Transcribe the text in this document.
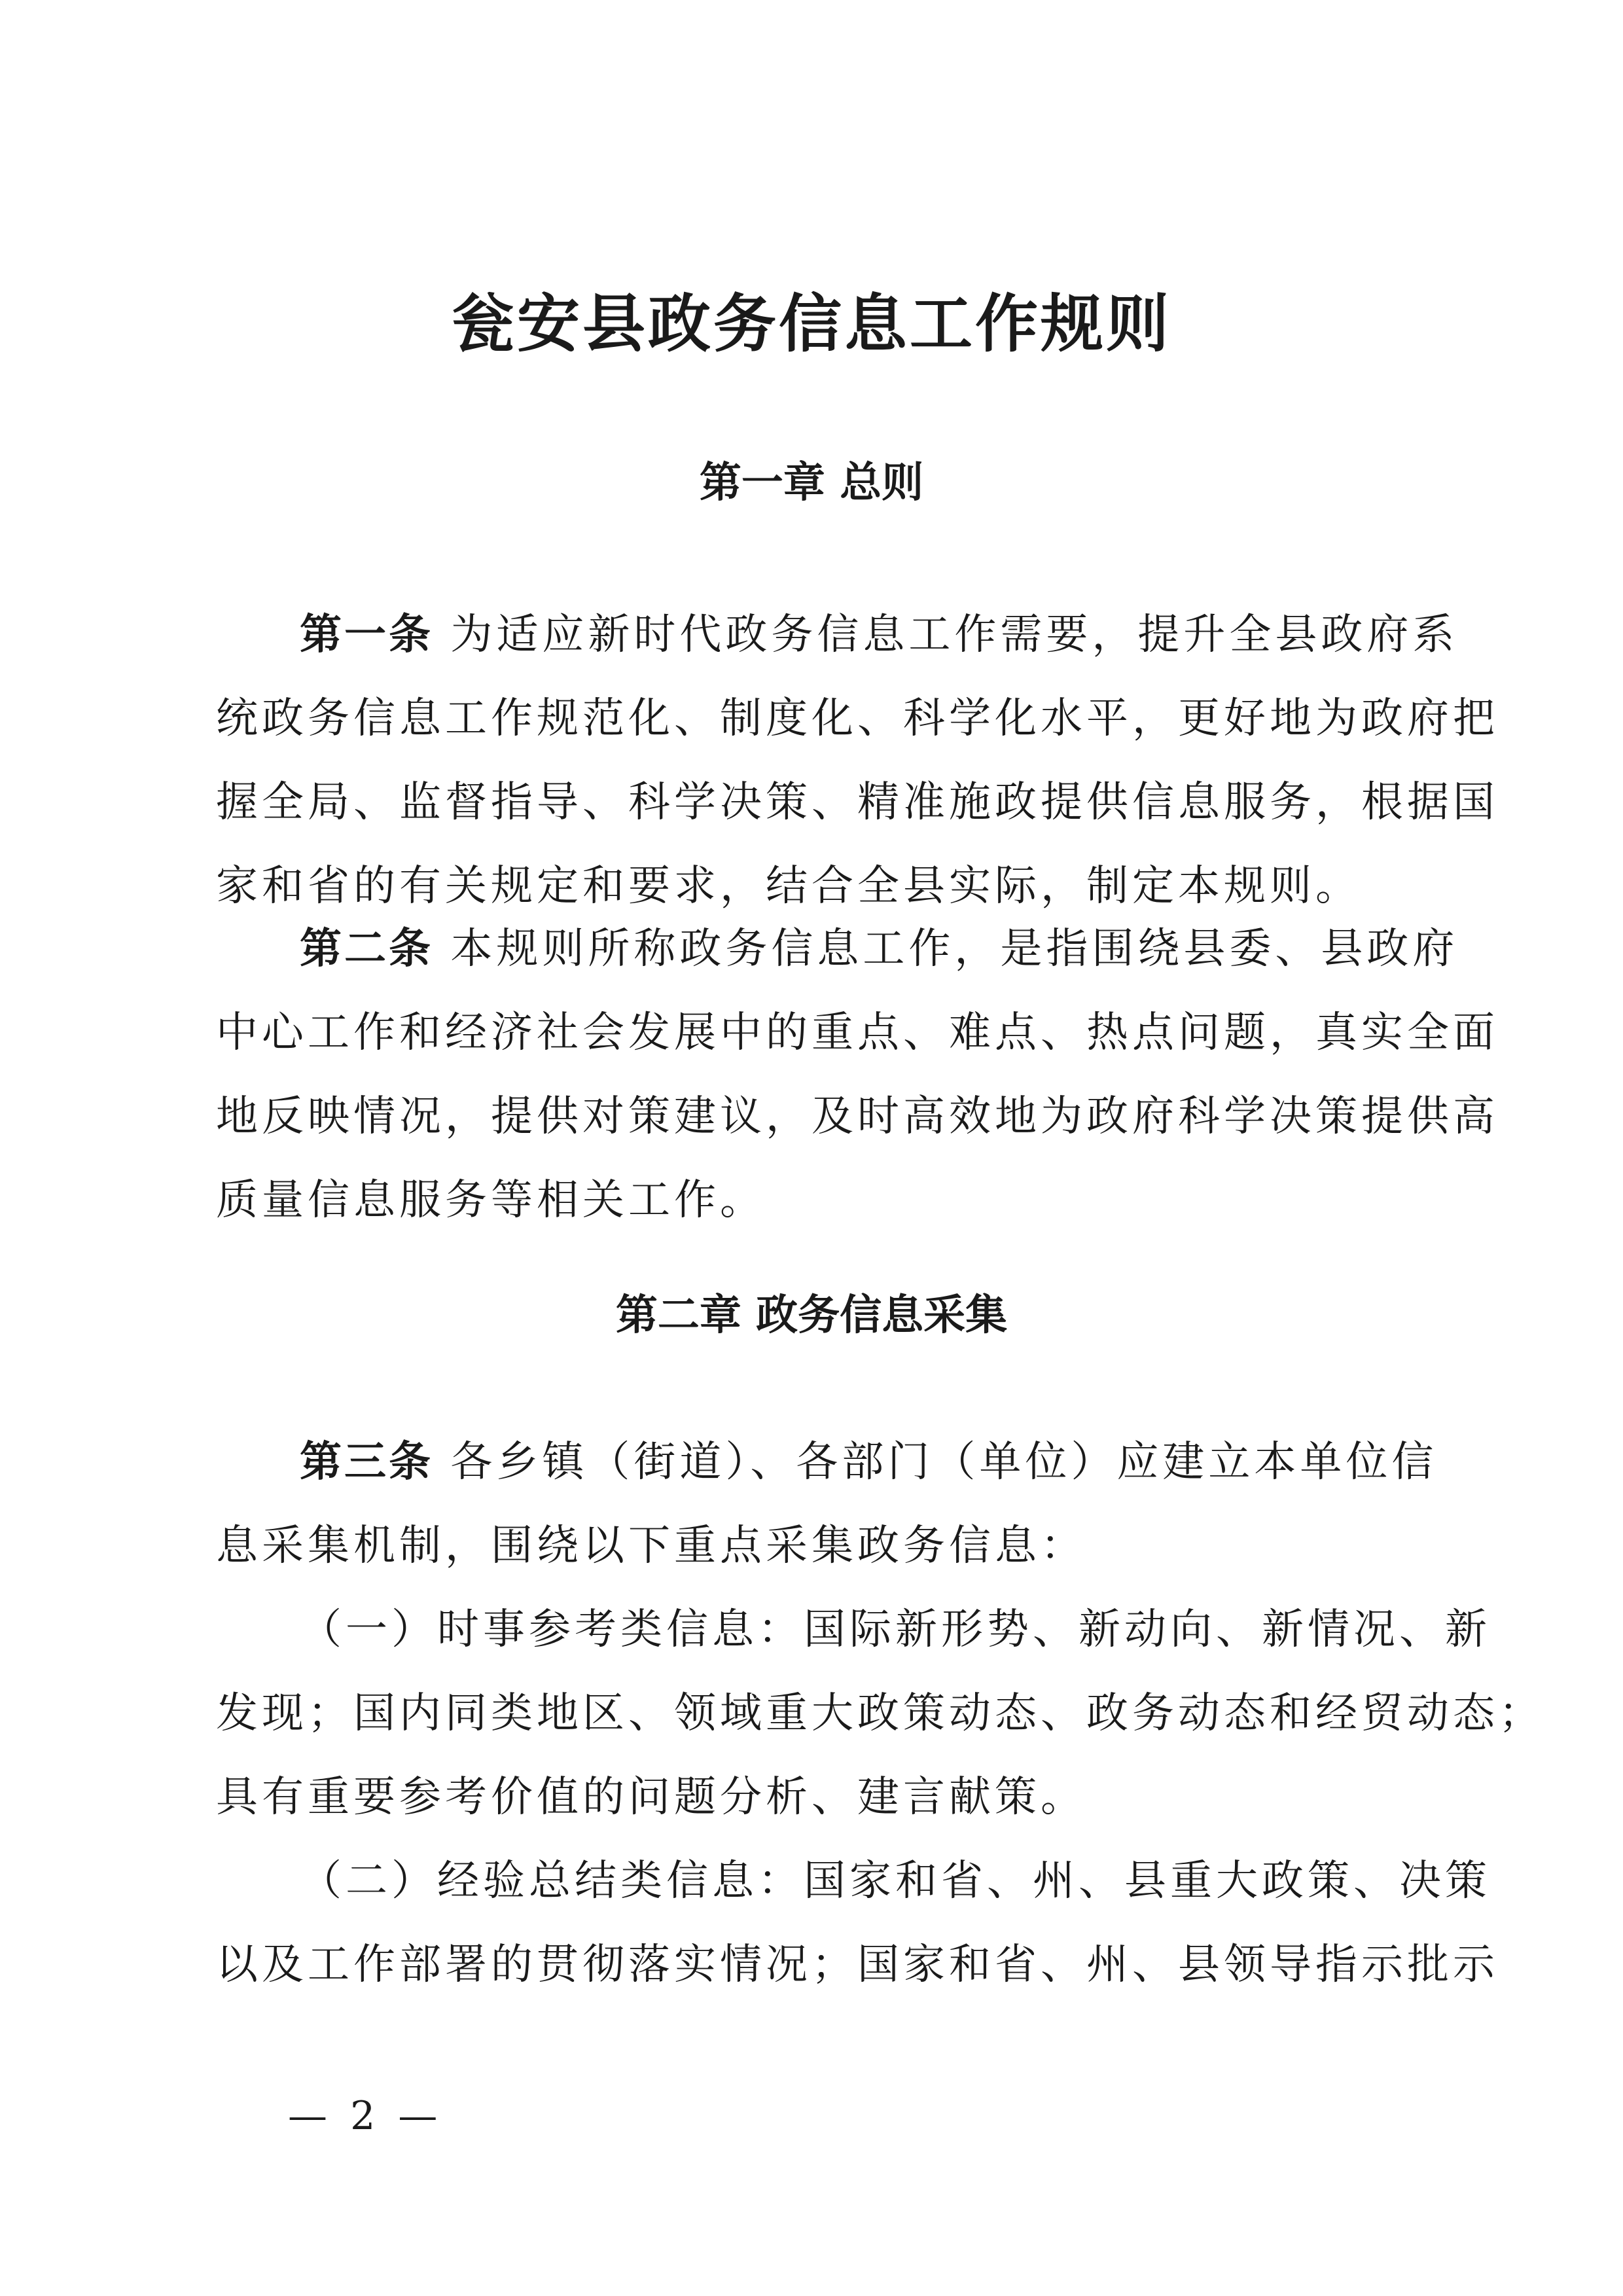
瓮安县政务信息工作规则
第一章 总则
第一条 为适应新时代政务信息工作需要，提升全县政府系
统政务信息工作规范化、制度化、科学化水平，更好地为政府把
握全局、监督指导、科学决策、精准施政提供信息服务，根据国
家和省的有关规定和要求，结合全县实际，制定本规则。
第二条 本规则所称政务信息工作，是指围绕县委、县政府
中心工作和经济社会发展中的重点、难点、热点问题，真实全面
地反映情况，提供对策建议，及时高效地为政府科学决策提供高
质量信息服务等相关工作。
第二章 政务信息采集
第三条 各乡镇（街道）、各部门（单位）应建立本单位信
息采集机制，围绕以下重点采集政务信息：
（一）时事参考类信息：国际新形势、新动向、新情况、新
发现；国内同类地区、领域重大政策动态、政务动态和经贸动态；
具有重要参考价值的问题分析、建言献策。
（二）经验总结类信息：国家和省、州、县重大政策、决策
以及工作部署的贯彻落实情况；国家和省、州、县领导指示批示
— 2 —
